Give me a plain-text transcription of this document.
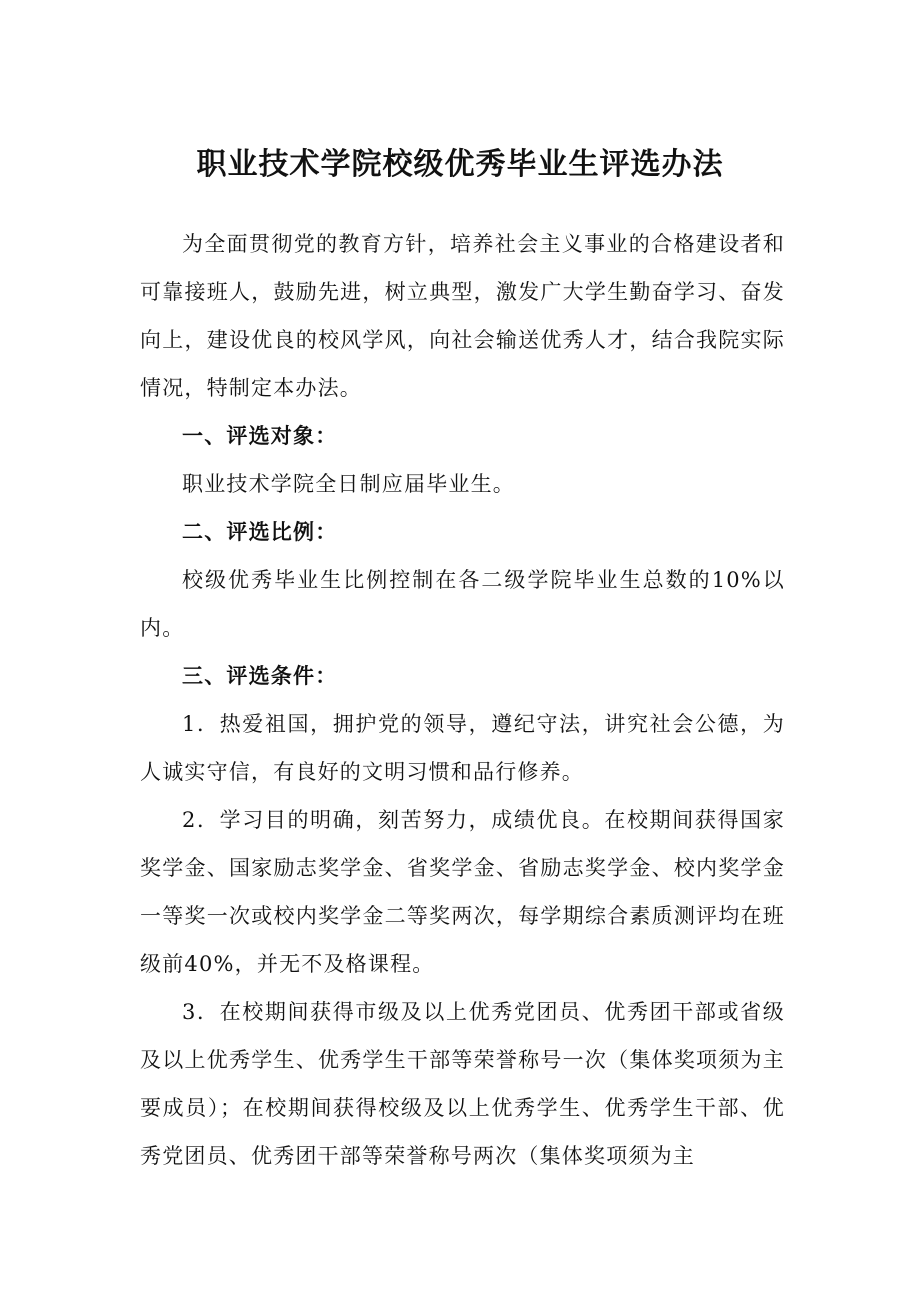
职业技术学院校级优秀毕业生评选办法

为全面贯彻党的教育方针，培养社会主义事业的合格建设者和可靠接班人，鼓励先进，树立典型，激发广大学生勤奋学习、奋发向上，建设优良的校风学风，向社会输送优秀人才，结合我院实际情况，特制定本办法。

一、评选对象：

职业技术学院全日制应届毕业生。

二、评选比例：

校级优秀毕业生比例控制在各二级学院毕业生总数的10%以内。

三、评选条件：

1．热爱祖国，拥护党的领导，遵纪守法，讲究社会公德，为人诚实守信，有良好的文明习惯和品行修养。

2．学习目的明确，刻苦努力，成绩优良。在校期间获得国家奖学金、国家励志奖学金、省奖学金、省励志奖学金、校内奖学金一等奖一次或校内奖学金二等奖两次，每学期综合素质测评均在班级前40%，并无不及格课程。

3．在校期间获得市级及以上优秀党团员、优秀团干部或省级及以上优秀学生、优秀学生干部等荣誉称号一次（集体奖项须为主要成员）；在校期间获得校级及以上优秀学生、优秀学生干部、优秀党团员、优秀团干部等荣誉称号两次（集体奖项须为主
